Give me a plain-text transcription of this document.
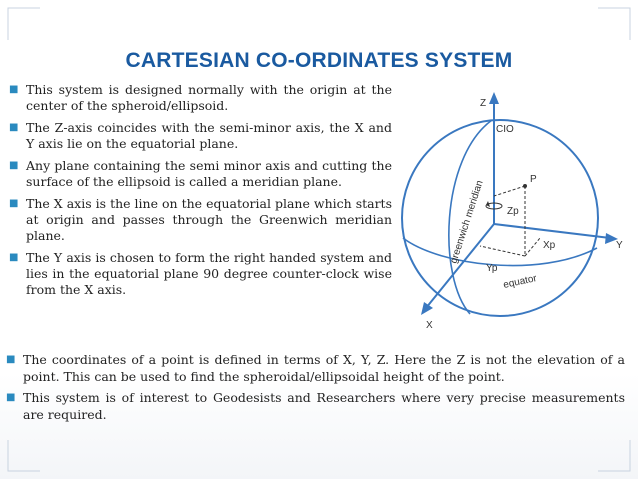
CARTESIAN CO-ORDINATES SYSTEM
■ This system is designed normally with the origin at the center of the spheroid/ellipsoid.
■ The Z-axis coincides with the semi-minor axis, the X and Y axis lie on the equatorial plane.
■ Any plane containing the semi minor axis and cutting the surface of the ellipsoid is called a meridian plane.
■ The X axis is the line on the equatorial plane which starts at origin and passes through the Greenwich meridian plane.
■ The Y axis is chosen to form the right handed system and lies in the equatorial plane 90 degree counter-clock wise from the X axis.
Z
CIO
P
Zp
Xp
Yp
Y
X
equator
greenwich meridian
■ The coordinates of a point is defined in terms of X, Y, Z. Here the Z is not the elevation of a point. This can be used to find the spheroidal/ellipsoidal height of the point.
■ This system is of interest to Geodesists and Researchers where very precise measurements are required.
